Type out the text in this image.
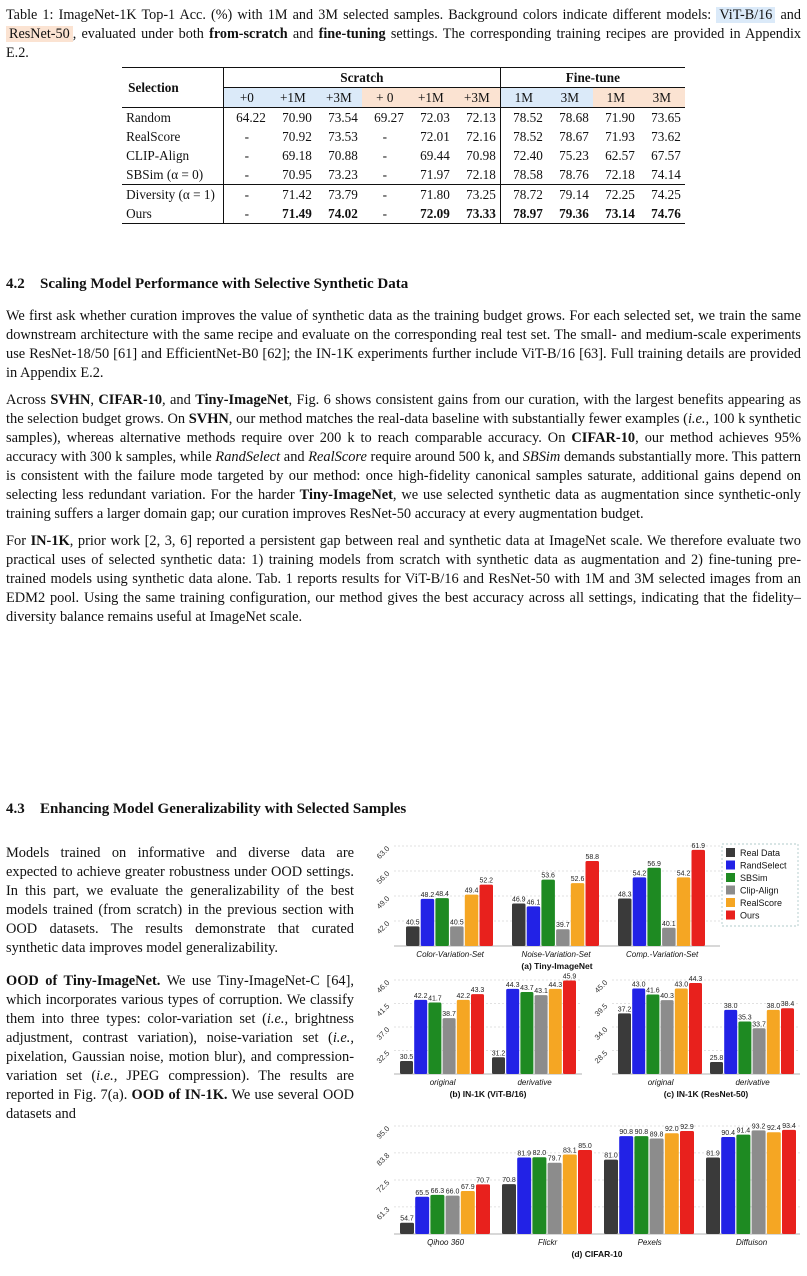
Table 1: ImageNet-1K Top-1 Acc. (%) with 1M and 3M selected samples. Background colors indicate different models: ViT-B/16 and ResNet-50 , evaluated under both from-scratch and fine-tuning settings. The corresponding training recipes are provided in Appendix E.2.
Selection	Scratch						Fine-tune			
	+0	+1M	+3M	+ 0	+1M	+3M	1M	3M	1M	3M
Random	64.22	70.90	73.54	69.27	72.03	72.13	78.52	78.68	71.90	73.65
RealScore	-	70.92	73.53	-	72.01	72.16	78.52	78.67	71.93	73.62
CLIP-Align	-	69.18	70.88	-	69.44	70.98	72.40	75.23	62.57	67.57
SBSim (α = 0)	-	70.95	73.23	-	71.97	72.18	78.58	78.76	72.18	74.14
Diversity (α = 1)	-	71.42	73.79	-	71.80	73.25	78.72	79.14	72.25	74.25
Ours	-	71.49	74.02	-	72.09	73.33	78.97	79.36	73.14	74.76
4.2 Scaling Model Performance with Selective Synthetic Data

We first ask whether curation improves the value of synthetic data as the training budget grows. For each selected set, we train the same downstream architecture with the same recipe and evaluate on the corresponding real test set. The small- and medium-scale experiments use ResNet-18/50 [61] and EfficientNet-B0 [62]; the IN-1K experiments further include ViT-B/16 [63]. Full training details are provided in Appendix E.2.

Across SVHN, CIFAR-10, and Tiny-ImageNet, Fig. 6 shows consistent gains from our curation, with the largest benefits appearing as the selection budget grows. On SVHN, our method matches the real-data baseline with substantially fewer examples (i.e., 100 k synthetic samples), whereas alternative methods require over 200 k to reach comparable accuracy. On CIFAR-10, our method achieves 95% accuracy with 300 k samples, while RandSelect and RealScore require around 500 k, and SBSim demands substantially more. This pattern is consistent with the failure mode targeted by our method: once high-fidelity canonical samples saturate, additional gains depend on selecting less redundant variation. For the harder Tiny-ImageNet, we use selected synthetic data as augmentation since synthetic-only training suffers a larger domain gap; our curation improves ResNet-50 accuracy at every augmentation budget.

For IN-1K, prior work [2, 3, 6] reported a persistent gap between real and synthetic data at ImageNet scale. We therefore evaluate two practical uses of selected synthetic data: 1) training models from scratch with synthetic data as augmentation and 2) fine-tuning pre-trained models using synthetic data alone. Tab. 1 reports results for ViT-B/16 and ResNet-50 with 1M and 3M selected images from an EDM2 pool. Using the same training configuration, our method gives the best accuracy across all settings, indicating that the fidelity–diversity balance remains useful at ImageNet scale.

4.3 Enhancing Model Generalizability with Selected Samples

Models trained on informative and diverse data are expected to achieve greater robustness under OOD settings. In this part, we evaluate the generalizability of the best models trained (from scratch) in the previous section with OOD datasets. The results demonstrate that curated synthetic data improves model generalizability.

OOD of Tiny-ImageNet. We use Tiny-ImageNet-C [64], which incorporates various types of corruption. We classify them into three types: color-variation set (i.e., brightness adjustment, contrast variation), noise-variation set (i.e., pixelation, Gaussian noise, motion blur), and compression-variation set (i.e., JPEG compression). The results are reported in Fig. 7(a). OOD of IN-1K. We use several OOD datasets and

42.0
49.0
56.0
63.0
40.5
48.2 48.4
40.5
49.4
52.2
Color-Variation-Set
46.9 46.1
53.6
39.7
52.6
58.8
Noise-Variation-Set
48.3
54.2
56.9
40.1
54.2
61.9
Comp.-Variation-Set
(a) Tiny-ImageNet
32.5
37.0
41.5
46.0
30.5
42.2 41.7
38.7
42.2
43.3
original
31.2
44.3 43.7 43.1
44.3
45.9
derivative
(b) IN-1K (ViT-B/16)
28.5
34.0
39.5
45.0
37.2
43.0
41.6
40.3
43.0
44.3
original
25.8
38.0
35.3
33.7
38.0 38.4
derivative
(c) IN-1K (ResNet-50)
61.3
72.5
83.8
95.0
54.7
65.5 66.3 66.0
67.9
70.7
Qihoo 360
70.8
81.9 82.0
79.7
83.1
85.0
Flickr
81.0
90.8 90.8 89.8
92.0 92.9
Pexels
81.9
90.4 91.4
93.2 92.4 93.4
Diffuison
(d) CIFAR-10
Real Data
RandSelect
SBSim
Clip-Align
RealScore
Ours
